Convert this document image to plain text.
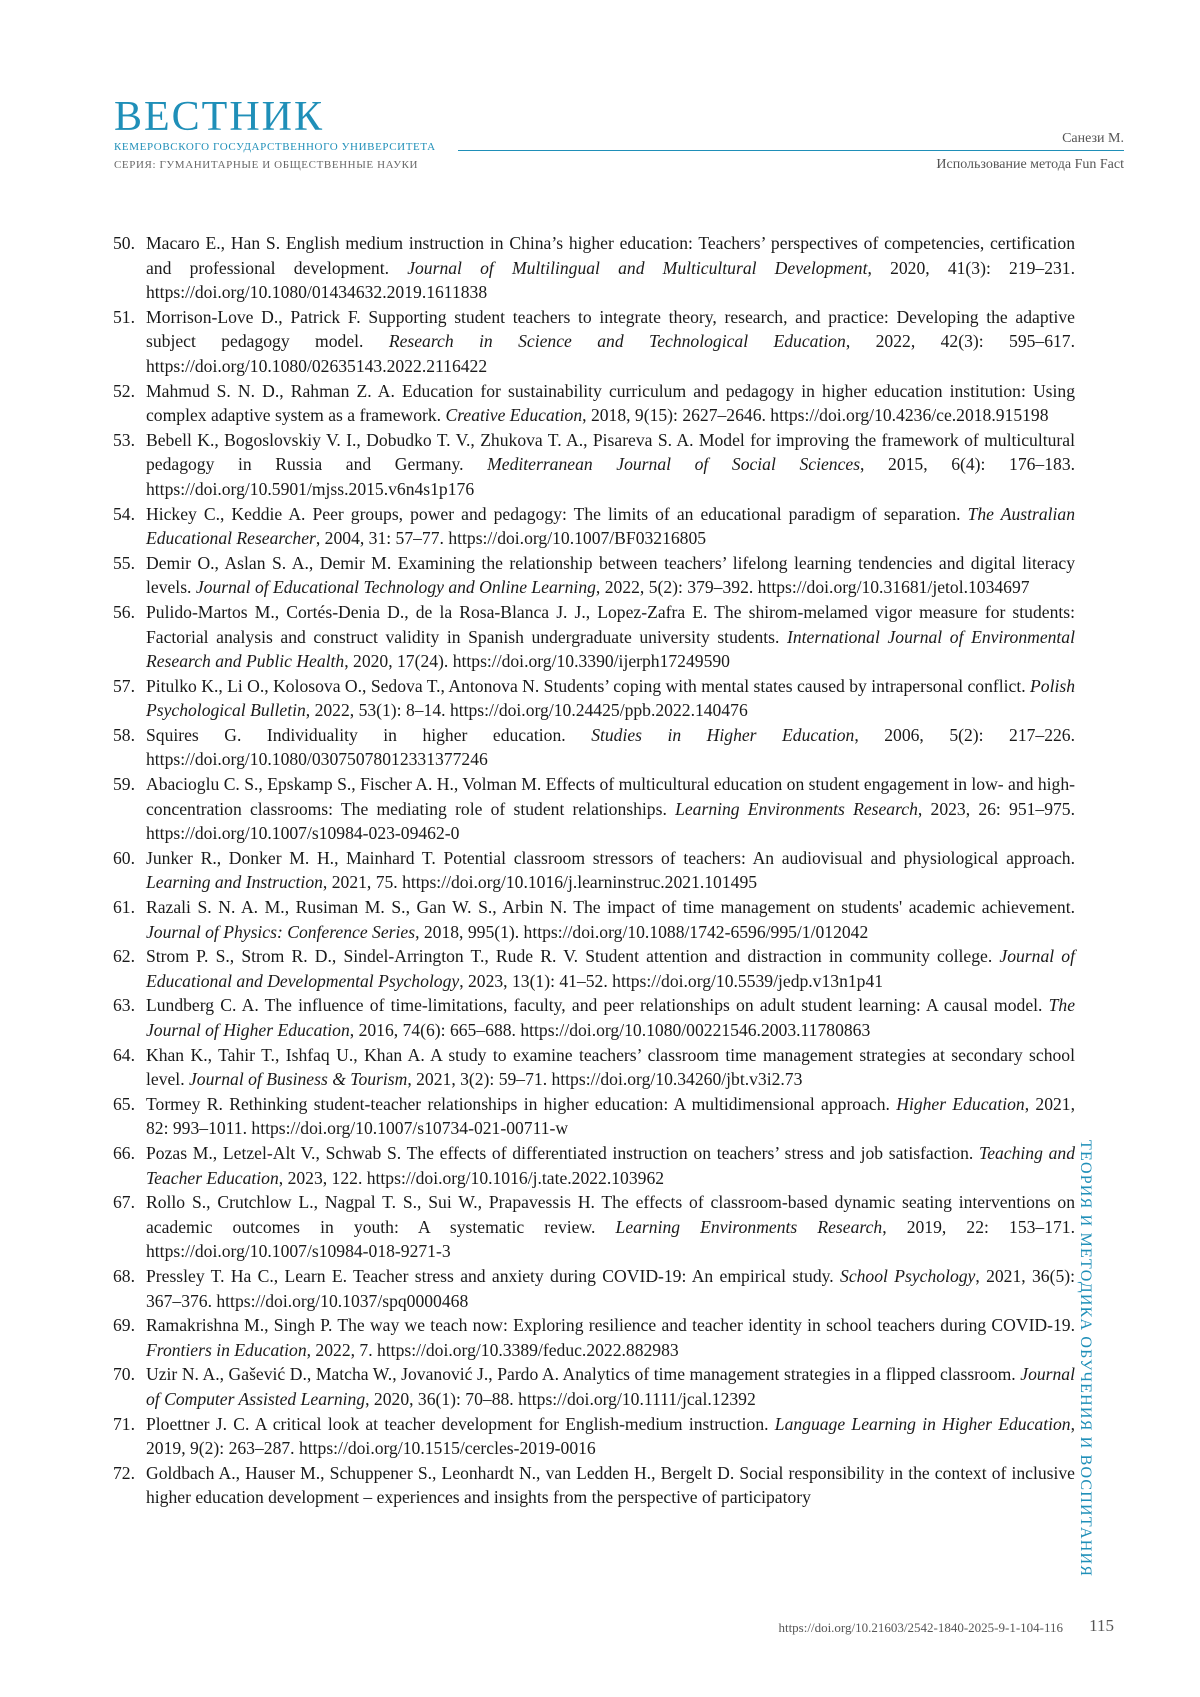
ВЕСТНИК
КЕМЕРОВСКОГО ГОСУДАРСТВЕННОГО УНИВЕРСИТЕТА
СЕРИЯ: ГУМАНИТАРНЫЕ И ОБЩЕСТВЕННЫЕ НАУКИ
Санези М.
Использование метода Fun Fact
50. Macaro E., Han S. English medium instruction in China’s higher education: Teachers’ perspectives of competencies, certification and professional development. Journal of Multilingual and Multicultural Development, 2020, 41(3): 219–231. https://doi.org/10.1080/01434632.2019.1611838
51. Morrison-Love D., Patrick F. Supporting student teachers to integrate theory, research, and practice: Developing the adaptive subject pedagogy model. Research in Science and Technological Education, 2022, 42(3): 595–617. https://doi.org/10.1080/02635143.2022.2116422
52. Mahmud S. N. D., Rahman Z. A. Education for sustainability curriculum and pedagogy in higher education institution: Using complex adaptive system as a framework. Creative Education, 2018, 9(15): 2627–2646. https://doi.org/10.4236/ce.2018.915198
53. Bebell K., Bogoslovskiy V. I., Dobudko T. V., Zhukova T. A., Pisareva S. A. Model for improving the framework of multicultural pedagogy in Russia and Germany. Mediterranean Journal of Social Sciences, 2015, 6(4): 176–183. https://doi.org/10.5901/mjss.2015.v6n4s1p176
54. Hickey C., Keddie A. Peer groups, power and pedagogy: The limits of an educational paradigm of separation. The Australian Educational Researcher, 2004, 31: 57–77. https://doi.org/10.1007/BF03216805
55. Demir O., Aslan S. A., Demir M. Examining the relationship between teachers’ lifelong learning tendencies and digital literacy levels. Journal of Educational Technology and Online Learning, 2022, 5(2): 379–392. https://doi.org/10.31681/jetol.1034697
56. Pulido-Martos M., Cortés-Denia D., de la Rosa-Blanca J. J., Lopez-Zafra E. The shirom-melamed vigor measure for students: Factorial analysis and construct validity in Spanish undergraduate university students. International Journal of Environmental Research and Public Health, 2020, 17(24). https://doi.org/10.3390/ijerph17249590
57. Pitulko K., Li O., Kolosova O., Sedova T., Antonova N. Students’ coping with mental states caused by intrapersonal conflict. Polish Psychological Bulletin, 2022, 53(1): 8–14. https://doi.org/10.24425/ppb.2022.140476
58. Squires G. Individuality in higher education. Studies in Higher Education, 2006, 5(2): 217–226. https://doi.org/10.1080/03075078012331377246
59. Abacioglu C. S., Epskamp S., Fischer A. H., Volman M. Effects of multicultural education on student engagement in low- and high-concentration classrooms: The mediating role of student relationships. Learning Environments Research, 2023, 26: 951–975. https://doi.org/10.1007/s10984-023-09462-0
60. Junker R., Donker M. H., Mainhard T. Potential classroom stressors of teachers: An audiovisual and physiological approach. Learning and Instruction, 2021, 75. https://doi.org/10.1016/j.learninstruc.2021.101495
61. Razali S. N. A. M., Rusiman M. S., Gan W. S., Arbin N. The impact of time management on students' academic achievement. Journal of Physics: Conference Series, 2018, 995(1). https://doi.org/10.1088/1742-6596/995/1/012042
62. Strom P. S., Strom R. D., Sindel-Arrington T., Rude R. V. Student attention and distraction in community college. Journal of Educational and Developmental Psychology, 2023, 13(1): 41–52. https://doi.org/10.5539/jedp.v13n1p41
63. Lundberg C. A. The influence of time-limitations, faculty, and peer relationships on adult student learning: A causal model. The Journal of Higher Education, 2016, 74(6): 665–688. https://doi.org/10.1080/00221546.2003.11780863
64. Khan K., Tahir T., Ishfaq U., Khan A. A study to examine teachers’ classroom time management strategies at secondary school level. Journal of Business & Tourism, 2021, 3(2): 59–71. https://doi.org/10.34260/jbt.v3i2.73
65. Tormey R. Rethinking student-teacher relationships in higher education: A multidimensional approach. Higher Education, 2021, 82: 993–1011. https://doi.org/10.1007/s10734-021-00711-w
66. Pozas M., Letzel-Alt V., Schwab S. The effects of differentiated instruction on teachers’ stress and job satisfaction. Teaching and Teacher Education, 2023, 122. https://doi.org/10.1016/j.tate.2022.103962
67. Rollo S., Crutchlow L., Nagpal T. S., Sui W., Prapavessis H. The effects of classroom-based dynamic seating interventions on academic outcomes in youth: A systematic review. Learning Environments Research, 2019, 22: 153–171. https://doi.org/10.1007/s10984-018-9271-3
68. Pressley T. Ha C., Learn E. Teacher stress and anxiety during COVID-19: An empirical study. School Psychology, 2021, 36(5): 367–376. https://doi.org/10.1037/spq0000468
69. Ramakrishna M., Singh P. The way we teach now: Exploring resilience and teacher identity in school teachers during COVID-19. Frontiers in Education, 2022, 7. https://doi.org/10.3389/feduc.2022.882983
70. Uzir N. A., Gašević D., Matcha W., Jovanović J., Pardo A. Analytics of time management strategies in a flipped classroom. Journal of Computer Assisted Learning, 2020, 36(1): 70–88. https://doi.org/10.1111/jcal.12392
71. Ploettner J. C. A critical look at teacher development for English-medium instruction. Language Learning in Higher Education, 2019, 9(2): 263–287. https://doi.org/10.1515/cercles-2019-0016
72. Goldbach A., Hauser M., Schuppener S., Leonhardt N., van Ledden H., Bergelt D. Social responsibility in the context of inclusive higher education development – experiences and insights from the perspective of participatory	ТЕОРИЯ И МЕТОДИКА ОБУЧЕНИЯ И ВОСПИТАНИЯ
https://doi.org/10.21603/2542-1840-2025-9-1-104-116 115
